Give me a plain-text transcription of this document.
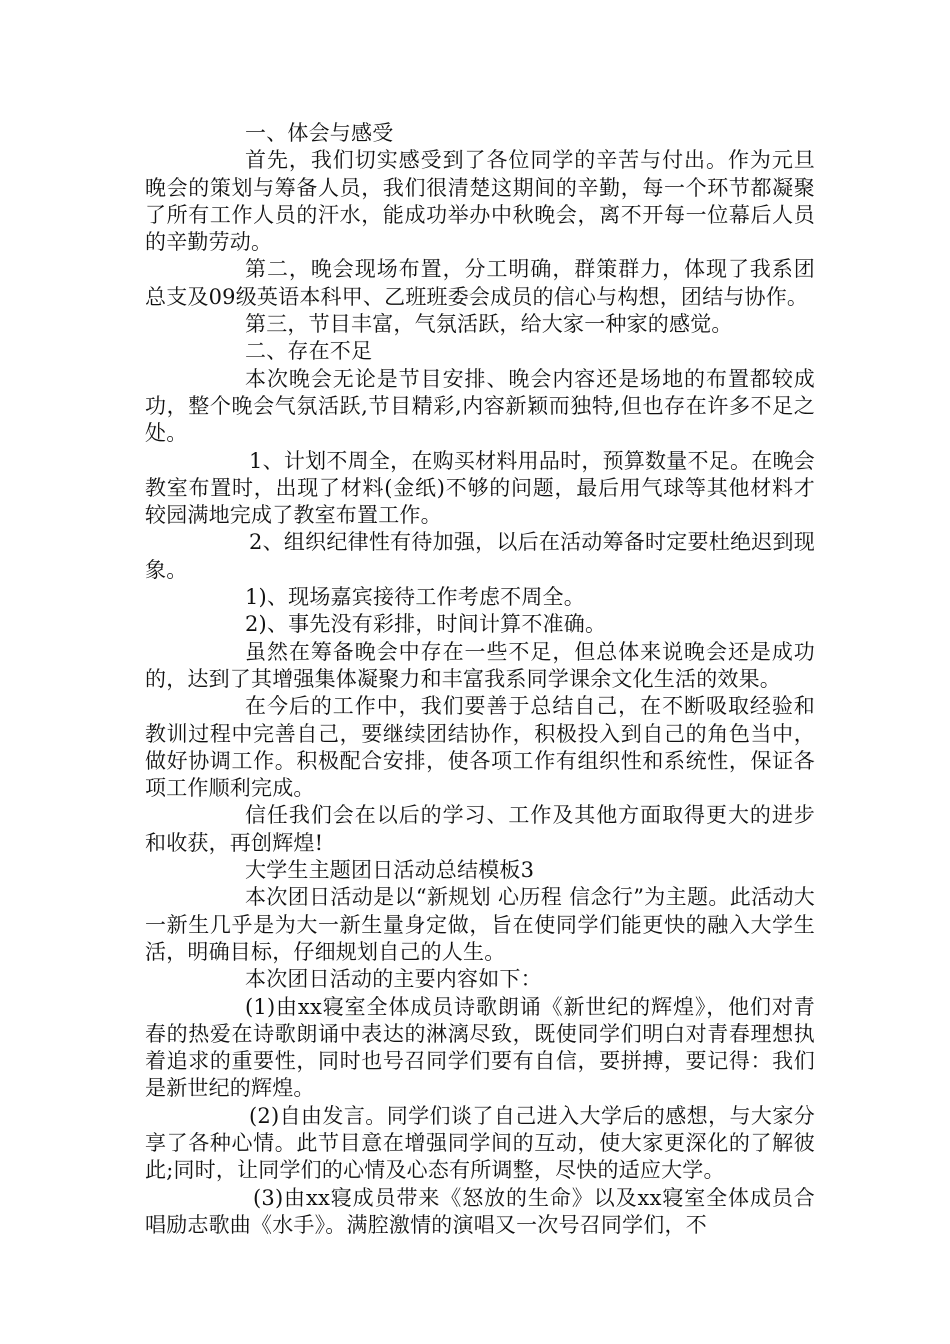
一、体会与感受

首先，我们切实感受到了各位同学的辛苦与付出。作为元旦晚会的策划与筹备人员，我们很清楚这期间的辛勤，每一个环节都凝聚了所有工作人员的汗水，能成功举办中秋晚会，离不开每一位幕后人员的辛勤劳动。

第二，晚会现场布置，分工明确，群策群力，体现了我系团总支及09级英语本科甲、乙班班委会成员的信心与构想，团结与协作。

第三，节目丰富，气氛活跃，给大家一种家的感觉。

二、存在不足

本次晚会无论是节目安排、晚会内容还是场地的布置都较成功，整个晚会气氛活跃,节目精彩,内容新颖而独特,但也存在许多不足之处。

1、计划不周全，在购买材料用品时，预算数量不足。在晚会教室布置时，出现了材料(金纸)不够的问题，最后用气球等其他材料才较园满地完成了教室布置工作。

2、组织纪律性有待加强，以后在活动筹备时定要杜绝迟到现象。

1)、现场嘉宾接待工作考虑不周全。

2)、事先没有彩排，时间计算不准确。

虽然在筹备晚会中存在一些不足，但总体来说晚会还是成功的，达到了其增强集体凝聚力和丰富我系同学课余文化生活的效果。

在今后的工作中，我们要善于总结自己，在不断吸取经验和教训过程中完善自己，要继续团结协作，积极投入到自己的角色当中，做好协调工作。积极配合安排，使各项工作有组织性和系统性，保证各项工作顺利完成。

信任我们会在以后的学习、工作及其他方面取得更大的进步和收获，再创辉煌!

大学生主题团日活动总结模板3

本次团日活动是以“新规划 心历程 信念行”为主题。此活动大一新生几乎是为大一新生量身定做，旨在使同学们能更快的融入大学生活，明确目标，仔细规划自己的人生。

本次团日活动的主要内容如下：

(1)由xx寝室全体成员诗歌朗诵《新世纪的辉煌》，他们对青春的热爱在诗歌朗诵中表达的淋漓尽致，既使同学们明白对青春理想执着追求的重要性，同时也号召同学们要有自信，要拼搏，要记得：我们是新世纪的辉煌。

(2)自由发言。同学们谈了自己进入大学后的感想，与大家分享了各种心情。此节目意在增强同学间的互动，使大家更深化的了解彼此;同时，让同学们的心情及心态有所调整，尽快的适应大学。

(3)由xx寝成员带来《怒放的生命》以及xx寝室全体成员合唱励志歌曲《水手》。满腔激情的演唱又一次号召同学们，不
